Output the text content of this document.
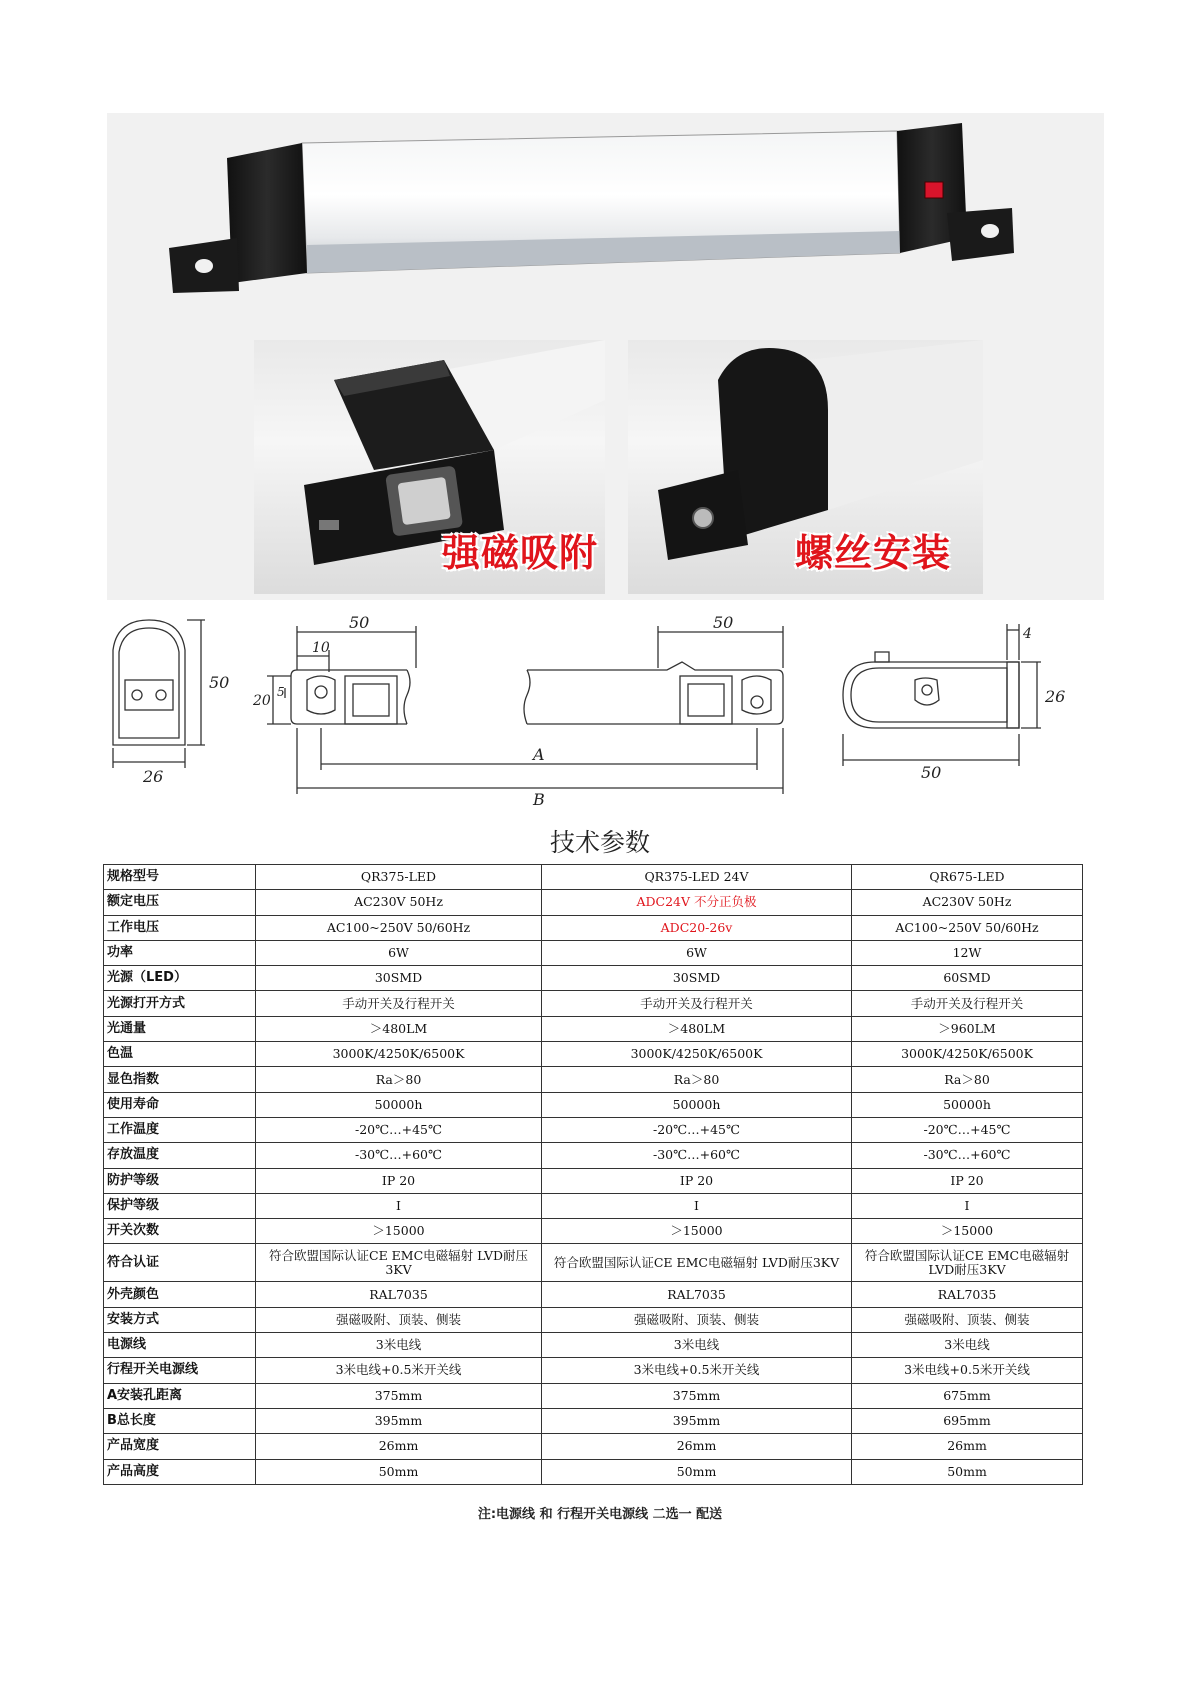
强磁吸附	螺丝安装
50
26
50
10
20
5
50
A
B
4
26
50
技术参数
规格型号	QR375-LED	QR375-LED 24V	QR675-LED
额定电压	AC230V 50Hz	ADC24V 不分正负极	AC230V 50Hz
工作电压	AC100~250V 50/60Hz	ADC20-26v	AC100~250V 50/60Hz
功率	6W	6W	12W
光源（LED）	30SMD	30SMD	60SMD
光源打开方式	手动开关及行程开关	手动开关及行程开关	手动开关及行程开关
光通量	＞480LM	＞480LM	＞960LM
色温	3000K/4250K/6500K	3000K/4250K/6500K	3000K/4250K/6500K
显色指数	Ra＞80	Ra＞80	Ra＞80
使用寿命	50000h	50000h	50000h
工作温度	-20℃…+45℃	-20℃…+45℃	-20℃…+45℃
存放温度	-30℃…+60℃	-30℃…+60℃	-30℃…+60℃
防护等级	IP 20	IP 20	IP 20
保护等级	I	I	I
开关次数	＞15000	＞15000	＞15000
符合认证	符合欧盟国际认证CE EMC电磁辐射 LVD耐压3KV	符合欧盟国际认证CE EMC电磁辐射 LVD耐压3KV	符合欧盟国际认证CE EMC电磁辐射 LVD耐压3KV
外壳颜色	RAL7035	RAL7035	RAL7035
安装方式	强磁吸附、顶装、侧装	强磁吸附、顶装、侧装	强磁吸附、顶装、侧装
电源线	3米电线	3米电线	3米电线
行程开关电源线	3米电线+0.5米开关线	3米电线+0.5米开关线	3米电线+0.5米开关线
A安装孔距离	375mm	375mm	675mm
B总长度	395mm	395mm	695mm
产品宽度	26mm	26mm	26mm
产品高度	50mm	50mm	50mm
注:电源线 和 行程开关电源线 二选一 配送
